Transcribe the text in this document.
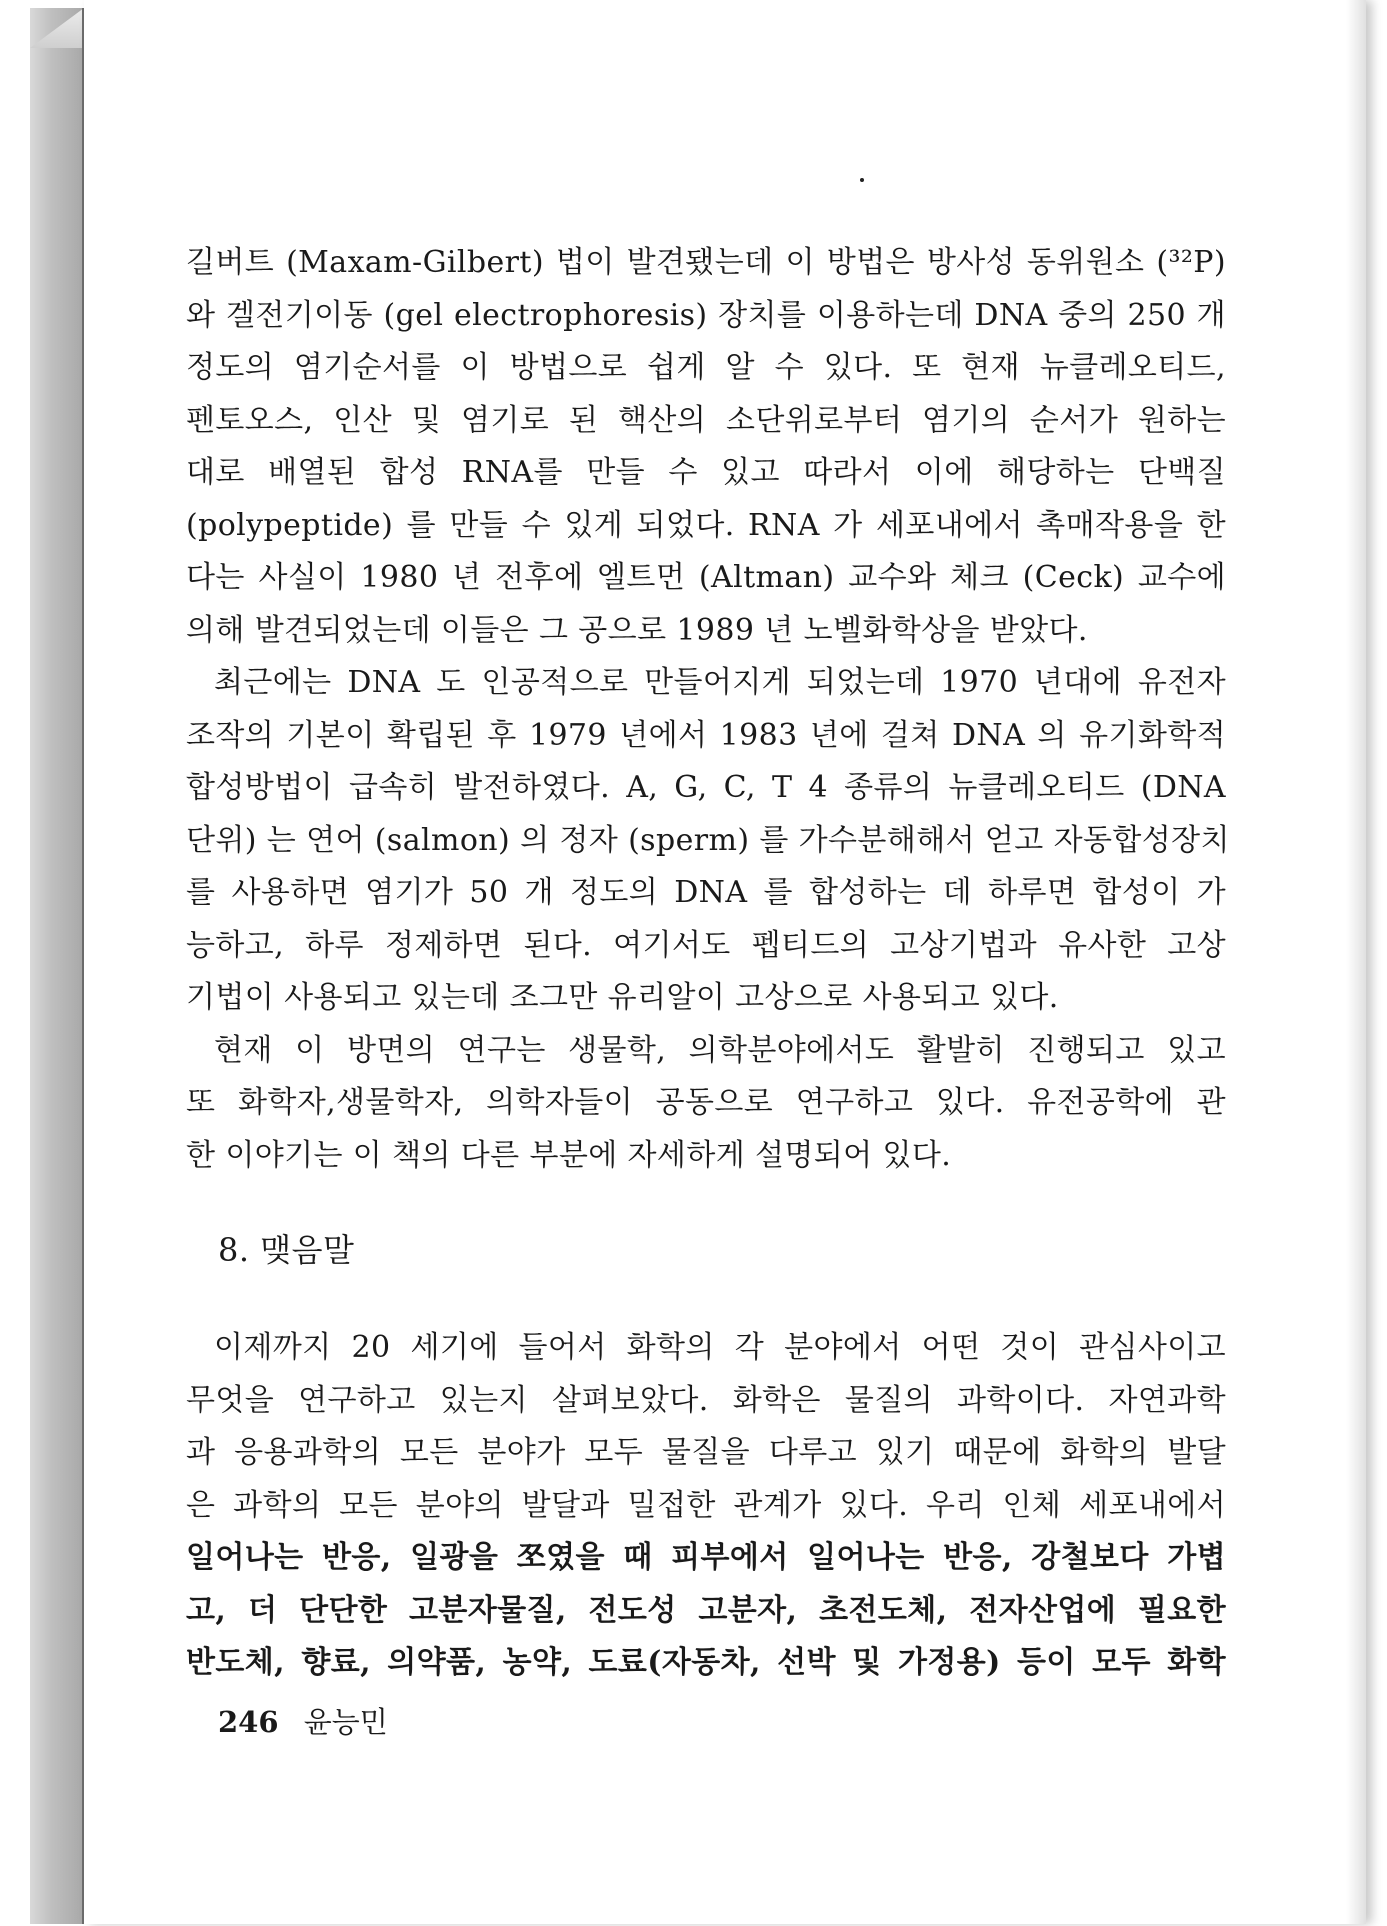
길버트 (Maxam-Gilbert) 법이 발견됐는데 이 방법은 방사성 동위원소 (³²P)

와 겔전기이동 (gel electrophoresis) 장치를 이용하는데 DNA 중의 250 개

정도의 염기순서를 이 방법으로 쉽게 알 수 있다. 또 현재 뉴클레오티드,

펜토오스, 인산 및 염기로 된 핵산의 소단위로부터 염기의 순서가 원하는

대로 배열된 합성 RNA를 만들 수 있고 따라서 이에 해당하는 단백질

(polypeptide) 를 만들 수 있게 되었다. RNA 가 세포내에서 촉매작용을 한

다는 사실이 1980 년 전후에 엘트먼 (Altman) 교수와 체크 (Ceck) 교수에

의해 발견되었는데 이들은 그 공으로 1989 년 노벨화학상을 받았다.

최근에는 DNA 도 인공적으로 만들어지게 되었는데 1970 년대에 유전자

조작의 기본이 확립된 후 1979 년에서 1983 년에 걸쳐 DNA 의 유기화학적

합성방법이 급속히 발전하였다. A, G, C, T 4 종류의 뉴클레오티드 (DNA

단위) 는 연어 (salmon) 의 정자 (sperm) 를 가수분해해서 얻고 자동합성장치

를 사용하면 염기가 50 개 정도의 DNA 를 합성하는 데 하루면 합성이 가

능하고, 하루 정제하면 된다. 여기서도 펩티드의 고상기법과 유사한 고상

기법이 사용되고 있는데 조그만 유리알이 고상으로 사용되고 있다.

현재 이 방면의 연구는 생물학, 의학분야에서도 활발히 진행되고 있고

또 화학자,생물학자, 의학자들이 공동으로 연구하고 있다. 유전공학에 관

한 이야기는 이 책의 다른 부분에 자세하게 설명되어 있다.

8. 맺음말

이제까지 20 세기에 들어서 화학의 각 분야에서 어떤 것이 관심사이고

무엇을 연구하고 있는지 살펴보았다. 화학은 물질의 과학이다. 자연과학

과 응용과학의 모든 분야가 모두 물질을 다루고 있기 때문에 화학의 발달

은 과학의 모든 분야의 발달과 밀접한 관계가 있다. 우리 인체 세포내에서

일어나는 반응, 일광을 쪼였을 때 피부에서 일어나는 반응, 강철보다 가볍

고, 더 단단한 고분자물질, 전도성 고분자, 초전도체, 전자산업에 필요한

반도체, 향료, 의약품, 농약, 도료(자동차, 선박 및 가정용) 등이 모두 화학

246 윤능민
